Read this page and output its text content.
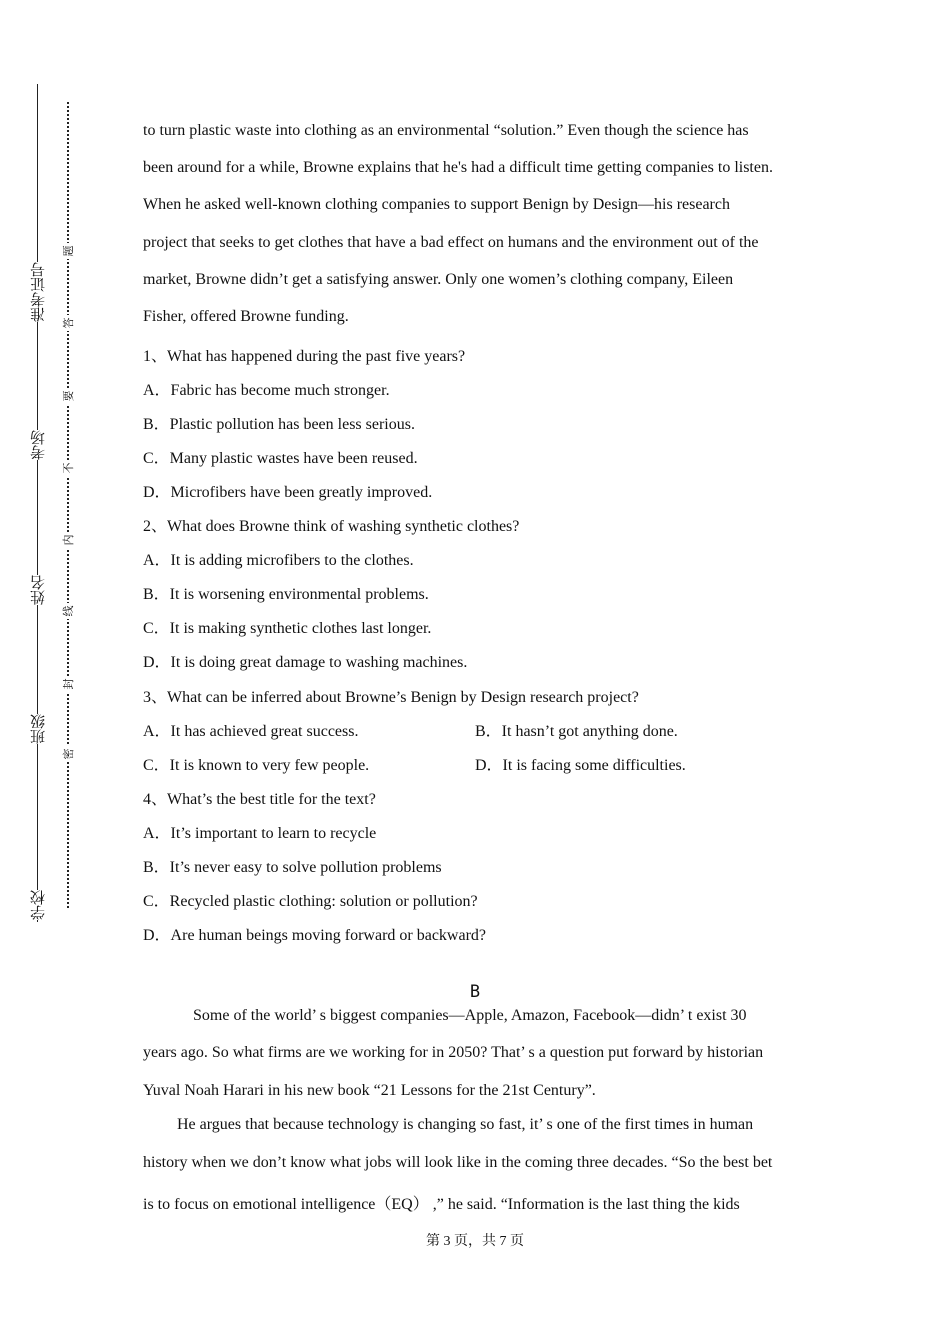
准考证号
考场
姓名
班级
学校
题
答
要
不
内
线
封
密
to turn plastic waste into clothing as an environmental “solution.” Even though the science has
been around for a while, Browne explains that he's had a difficult time getting companies to listen.
When he asked well-known clothing companies to support Benign by Design—his research
project that seeks to get clothes that have a bad effect on humans and the environment out of the
market, Browne didn’t get a satisfying answer. Only one women’s clothing company, Eileen
Fisher, offered Browne funding.
1、What has happened during the past five years?
A．Fabric has become much stronger.
B．Plastic pollution has been less serious.
C．Many plastic wastes have been reused.
D．Microfibers have been greatly improved.
2、What does Browne think of washing synthetic clothes?
A．It is adding microfibers to the clothes.
B．It is worsening environmental problems.
C．It is making synthetic clothes last longer.
D．It is doing great damage to washing machines.
3、What can be inferred about Browne’s Benign by Design research project?
A．It has achieved great success.	B．It hasn’t got anything done.
C．It is known to very few people.	D．It is facing some difficulties.
4、What’s the best title for the text?
A．It’s important to learn to recycle
B．It’s never easy to solve pollution problems
C．Recycled plastic clothing: solution or pollution?
D．Are human beings moving forward or backward?
B
Some of the world’ s biggest companies—Apple, Amazon, Facebook—didn’ t exist 30
years ago. So what firms are we working for in 2050? That’ s a question put forward by historian
Yuval Noah Harari in his new book “21 Lessons for the 21st Century”.
He argues that because technology is changing so fast, it’ s one of the first times in human
history when we don’t know what jobs will look like in the coming three decades. “So the best bet
is to focus on emotional intelligence（EQ） ,” he said. “Information is the last thing the kids
第 3 页，共 7 页
